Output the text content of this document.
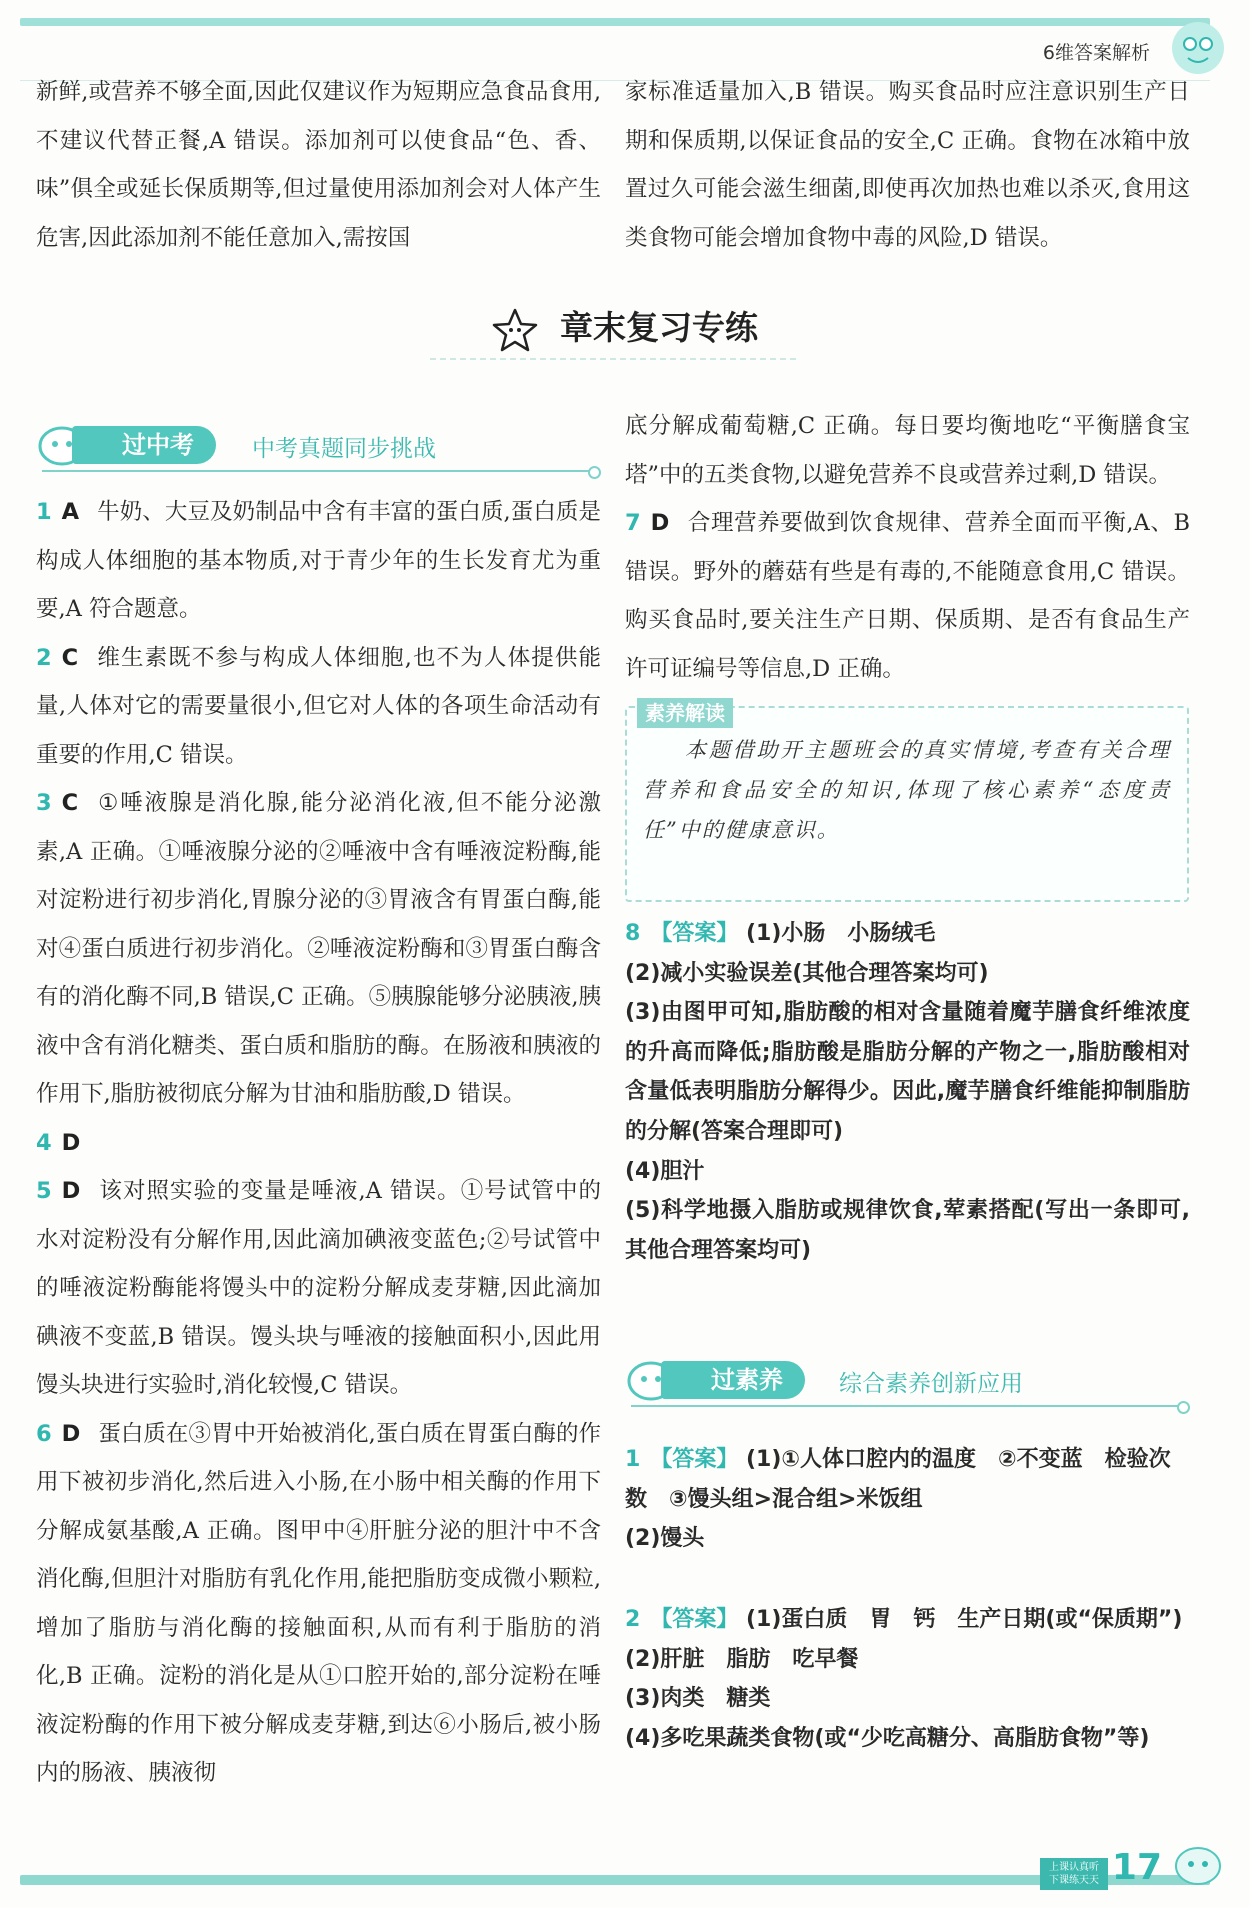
6维答案解析

新鲜,或营养不够全面,因此仅建议作为短期应急食品食用,不建议代替正餐,A 错误。添加剂可以使食品“色、香、味”俱全或延长保质期等,但过量使用添加剂会对人体产生危害,因此添加剂不能任意加入,需按国

家标准适量加入,B 错误。购买食品时应注意识别生产日期和保质期,以保证食品的安全,C 正确。食物在冰箱中放置过久可能会滋生细菌,即使再次加热也难以杀灭,食用这类食物可能会增加食物中毒的风险,D 错误。

章末复习专练
过中考	中考真题同步挑战

1 A 牛奶、大豆及奶制品中含有丰富的蛋白质,蛋白质是构成人体细胞的基本物质,对于青少年的生长发育尤为重要,A 符合题意。

2 C 维生素既不参与构成人体细胞,也不为人体提供能量,人体对它的需要量很小,但它对人体的各项生命活动有重要的作用,C 错误。

3 C ①唾液腺是消化腺,能分泌消化液,但不能分泌激素,A 正确。①唾液腺分泌的②唾液中含有唾液淀粉酶,能对淀粉进行初步消化,胃腺分泌的③胃液含有胃蛋白酶,能对④蛋白质进行初步消化。②唾液淀粉酶和③胃蛋白酶含有的消化酶不同,B 错误,C 正确。⑤胰腺能够分泌胰液,胰液中含有消化糖类、蛋白质和脂肪的酶。在肠液和胰液的作用下,脂肪被彻底分解为甘油和脂肪酸,D 错误。

4 D

5 D 该对照实验的变量是唾液,A 错误。①号试管中的水对淀粉没有分解作用,因此滴加碘液变蓝色;②号试管中的唾液淀粉酶能将馒头中的淀粉分解成麦芽糖,因此滴加碘液不变蓝,B 错误。馒头块与唾液的接触面积小,因此用馒头块进行实验时,消化较慢,C 错误。

6 D 蛋白质在③胃中开始被消化,蛋白质在胃蛋白酶的作用下被初步消化,然后进入小肠,在小肠中相关酶的作用下分解成氨基酸,A 正确。图甲中④肝脏分泌的胆汁中不含消化酶,但胆汁对脂肪有乳化作用,能把脂肪变成微小颗粒,增加了脂肪与消化酶的接触面积,从而有利于脂肪的消化,B 正确。淀粉的消化是从①口腔开始的,部分淀粉在唾液淀粉酶的作用下被分解成麦芽糖,到达⑥小肠后,被小肠内的肠液、胰液彻

底分解成葡萄糖,C 正确。每日要均衡地吃“平衡膳食宝塔”中的五类食物,以避免营养不良或营养过剩,D 错误。

7 D 合理营养要做到饮食规律、营养全面而平衡,A、B 错误。野外的蘑菇有些是有毒的,不能随意食用,C 错误。购买食品时,要关注生产日期、保质期、是否有食品生产许可证编号等信息,D 正确。

素养解读
本题借助开主题班会的真实情境,考查有关合理营养和食品安全的知识,体现了核心素养“态度责任”中的健康意识。

8 【答案】 (1)小肠　小肠绒毛

(2)减小实验误差(其他合理答案均可)

(3)由图甲可知,脂肪酸的相对含量随着魔芋膳食纤维浓度的升高而降低;脂肪酸是脂肪分解的产物之一,脂肪酸相对含量低表明脂肪分解得少。因此,魔芋膳食纤维能抑制脂肪的分解(答案合理即可)

(4)胆汁

(5)科学地摄入脂肪或规律饮食,荤素搭配(写出一条即可,其他合理答案均可)

过素养	综合素养创新应用

1 【答案】 (1)①人体口腔内的温度　②不变蓝　检验次数　③馒头组>混合组>米饭组

(2)馒头

2 【答案】 (1)蛋白质　胃　钙　生产日期(或“保质期”)

(2)肝脏　脂肪　吃早餐

(3)肉类　糖类

(4)多吃果蔬类食物(或“少吃高糖分、高脂肪食物”等)

上课认真听
下课练天天 17
